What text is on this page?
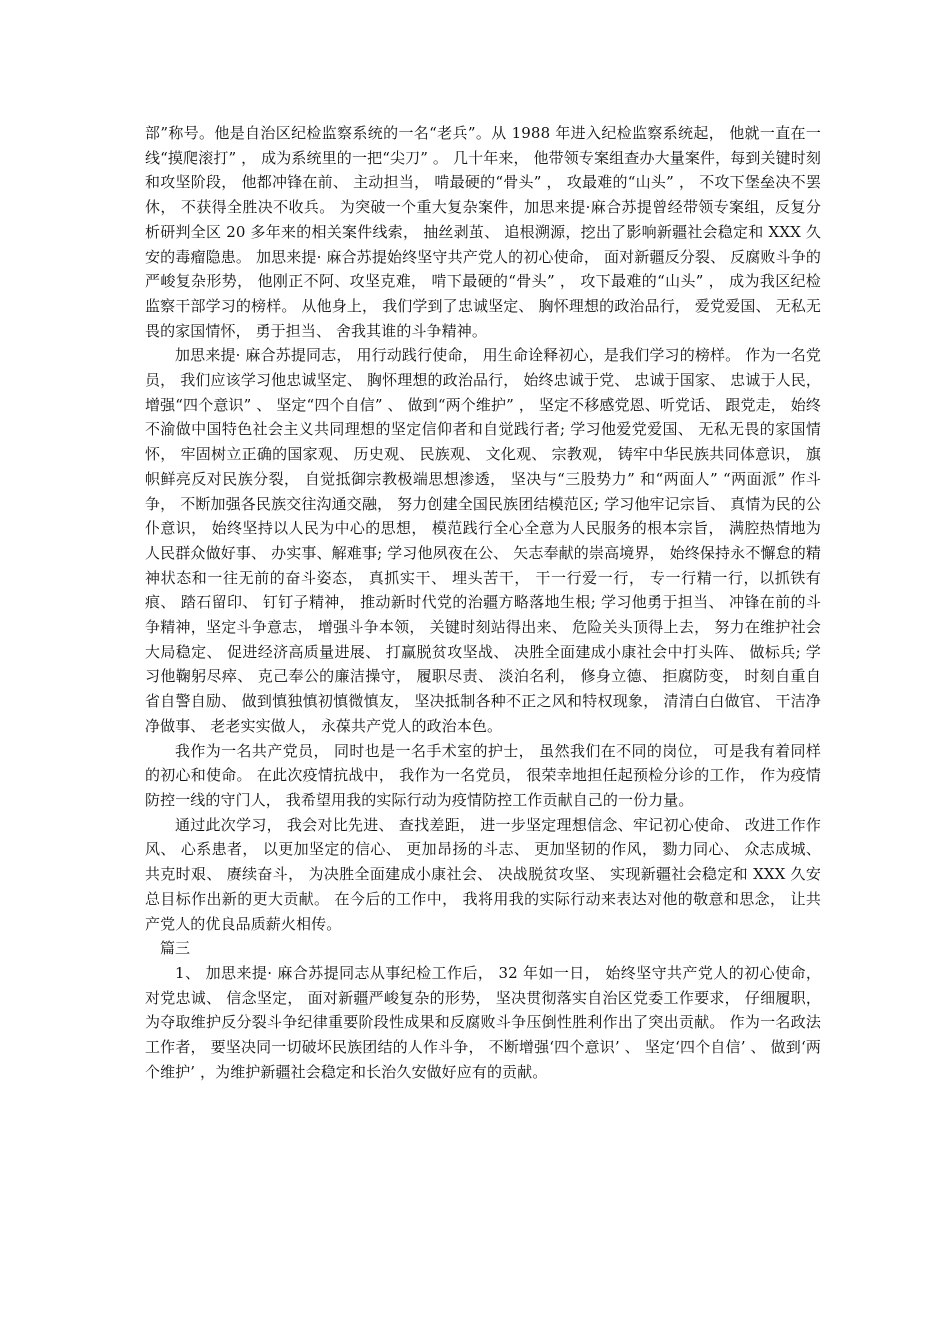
部”称号。他是自治区纪检监察系统的一名“老兵”。从 1988 年进入纪检监察系统起， 他就一直在一线“摸爬滚打” ， 成为系统里的一把“尖刀” 。 几十年来， 他带领专案组查办大量案件，每到关键时刻和攻坚阶段， 他都冲锋在前、 主动担当， 啃最硬的“骨头” ， 攻最难的“山头” ， 不攻下堡垒决不罢休， 不获得全胜决不收兵。 为突破一个重大复杂案件，加思来提·麻合苏提曾经带领专案组，反复分析研判全区 20 多年来的相关案件线索， 抽丝剥茧、 追根溯源，挖出了影响新疆社会稳定和 XXX 久安的毒瘤隐患。 加思来提· 麻合苏提始终坚守共产党人的初心使命， 面对新疆反分裂、 反腐败斗争的严峻复杂形势， 他刚正不阿、攻坚克难， 啃下最硬的“骨头” ， 攻下最难的“山头” ， 成为我区纪检监察干部学习的榜样。 从他身上， 我们学到了忠诚坚定、 胸怀理想的政治品行， 爱党爱国、 无私无畏的家国情怀， 勇于担当、 舍我其谁的斗争精神。

加思来提· 麻合苏提同志， 用行动践行使命， 用生命诠释初心，是我们学习的榜样。 作为一名党员， 我们应该学习他忠诚坚定、 胸怀理想的政治品行， 始终忠诚于党、 忠诚于国家、 忠诚于人民， 增强“四个意识” 、 坚定“四个自信” 、 做到“两个维护” ， 坚定不移感党恩、听党话、 跟党走， 始终不渝做中国特色社会主义共同理想的坚定信仰者和自觉践行者; 学习他爱党爱国、 无私无畏的家国情怀， 牢固树立正确的国家观、 历史观、 民族观、 文化观、 宗教观， 铸牢中华民族共同体意识， 旗帜鲜亮反对民族分裂， 自觉抵御宗教极端思想渗透， 坚决与“三股势力” 和“两面人” “两面派” 作斗争， 不断加强各民族交往沟通交融， 努力创建全国民族团结模范区; 学习他牢记宗旨、 真情为民的公仆意识， 始终坚持以人民为中心的思想， 模范践行全心全意为人民服务的根本宗旨， 满腔热情地为人民群众做好事、 办实事、解难事; 学习他夙夜在公、 矢志奉献的崇高境界， 始终保持永不懈怠的精神状态和一往无前的奋斗姿态， 真抓实干、 埋头苦干， 干一行爱一行， 专一行精一行，以抓铁有痕、 踏石留印、 钉钉子精神， 推动新时代党的治疆方略落地生根; 学习他勇于担当、 冲锋在前的斗争精神，坚定斗争意志， 增强斗争本领， 关键时刻站得出来、 危险关头顶得上去， 努力在维护社会大局稳定、 促进经济高质量进展、 打赢脱贫攻坚战、 决胜全面建成小康社会中打头阵、 做标兵; 学习他鞠躬尽瘁、 克己奉公的廉洁操守， 履职尽责、 淡泊名利， 修身立德、 拒腐防变， 时刻自重自省自警自励、 做到慎独慎初慎微慎友， 坚决抵制各种不正之风和特权现象， 清清白白做官、 干洁净净做事、 老老实实做人， 永葆共产党人的政治本色。

我作为一名共产党员， 同时也是一名手术室的护士， 虽然我们在不同的岗位， 可是我有着同样的初心和使命。 在此次疫情抗战中， 我作为一名党员， 很荣幸地担任起预检分诊的工作， 作为疫情防控一线的守门人， 我希望用我的实际行动为疫情防控工作贡献自己的一份力量。

通过此次学习， 我会对比先进、 查找差距， 进一步坚定理想信念、牢记初心使命、 改进工作作风、 心系患者， 以更加坚定的信心、 更加昂扬的斗志、 更加坚韧的作风， 勠力同心、 众志成城、 共克时艰、 赓续奋斗， 为决胜全面建成小康社会、 决战脱贫攻坚、 实现新疆社会稳定和 XXX 久安总目标作出新的更大贡献。 在今后的工作中， 我将用我的实际行动来表达对他的敬意和思念， 让共产党人的优良品质薪火相传。

篇三

1、 加思来提· 麻合苏提同志从事纪检工作后， 32 年如一日， 始终坚守共产党人的初心使命， 对党忠诚、 信念坚定， 面对新疆严峻复杂的形势， 坚决贯彻落实自治区党委工作要求， 仔细履职， 为夺取维护反分裂斗争纪律重要阶段性成果和反腐败斗争压倒性胜利作出了突出贡献。 作为一名政法工作者， 要坚决同一切破坏民族团结的人作斗争， 不断增强‘四个意识’ 、 坚定‘四个自信’ 、 做到‘两个维护’ ，为维护新疆社会稳定和长治久安做好应有的贡献。
